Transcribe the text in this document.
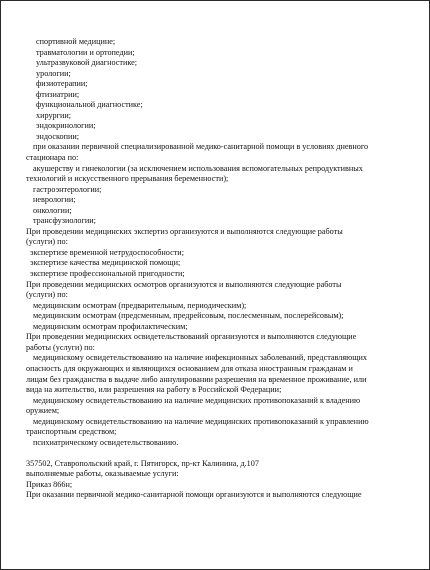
спортивной медицине;
травматологии и ортопедии;
ультразвуковой диагностике;
урологии;
физиотерапии;
фтизиатрии;
функциональной диагностике;
хирургии;
эндокринологии;
эндоскопии;
при оказании первичной специализированной медико-санитарной помощи в условиях дневного
стационара по:
акушерству и гинекологии (за исключением использования вспомогательных репродуктивных
технологий и искусственного прерывания беременности);
гастроэнтерологии;
неврологии;
онкологии;
трансфузиологии;
При проведении медицинских экспертиз организуются и выполняются следующие работы
(услуги) по:
экспертизе временной нетрудоспособности;
экспертизе качества медицинской помощи;
экспертизе профессиональной пригодности;
При проведении медицинских осмотров организуются и выполняются следующие работы
(услуги) по:
медицинским осмотрам (предварительным, периодическим);
медицинским осмотрам (предсменным, предрейсовым, послесменным, послерейсовым);
медицинским осмотрам профилактическим;
При проведении медицинских освидетельствований организуются и выполняются следующие
работы (услуги) по:
медицинскому освидетельствованию на наличие инфекционных заболеваний, представляющих
опасность для окружающих и являющихся основанием для отказа иностранным гражданам и
лицам без гражданства в выдаче либо аннулировании разрешения на временное проживание, или
вида на жительство, или разрешения на работу в Российской Федерации;
медицинскому освидетельствованию на наличие медицинских противопоказаний к владению
оружием;
медицинскому освидетельствованию на наличие медицинских противопоказаний к управлению
транспортным средством;
психиатрическому освидетельствованию.
357502, Ставропольский край, г. Пятигорск, пр-кт Калинина, д.107
выполняемые работы, оказываемые услуги:
Приказ 866н;
При оказании первичной медико-санитарной помощи организуются и выполняются следующие
